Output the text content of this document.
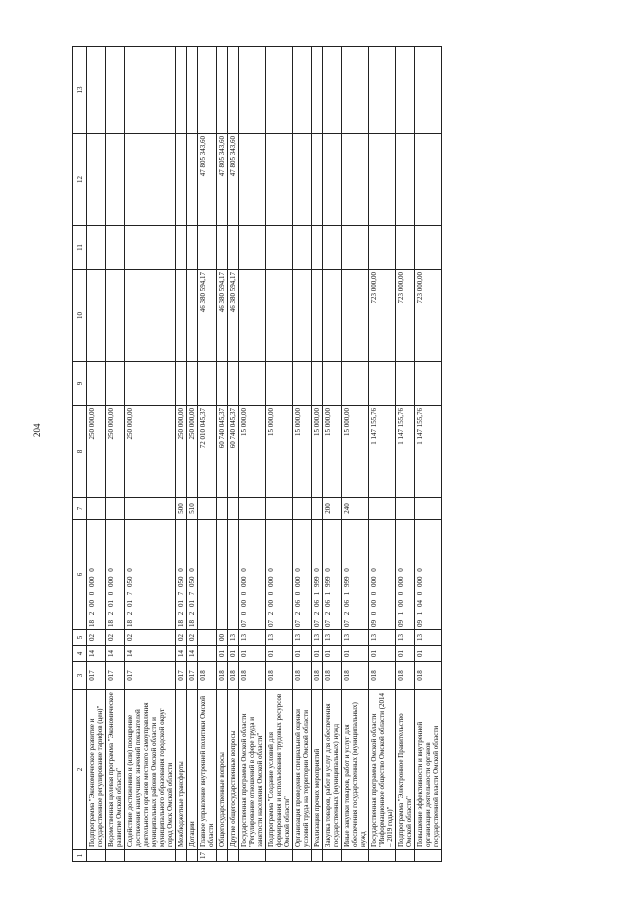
204
1	2	3	4	5	6	7	8	9	10	11	12	13
	Подпрограмма "Экономическое развитие и государственное регулирование тарифов (цен)"	017	14	02	18 2 00 0 000 0		250 000,00					
	Ведомственная целевая программа "Экономическое развитие Омской области"	017	14	02	18 2 01 0 000 0		250 000,00					
	Содействие достижению и (или) поощрение достижения наилучших значений показателей деятельности органов местного самоуправления муниципальных районов Омской области и муниципального образования городской округ город Омск Омской области	017	14	02	18 2 01 7 050 0		250 000,00					
	Межбюджетные трансферты	017	14	02	18 2 01 7 050 0	500	250 000,00					
	Дотации	017	14	02	18 2 01 7 050 0	510	250 000,00					
17	Главное управление внутренней политики Омской области	018					72 010 045,37		46 380 594,17		47 805 343,60	
	Общегосударственные вопросы	018	01	00			60 740 045,37		46 380 594,17		47 805 343,60	
	Другие общегосударственные вопросы	018	01	13			60 740 045,37		46 380 594,17		47 805 343,60	
	Государственная программа Омской области "Регулирование отношений в сфере труда и занятости населения Омской области"	018	01	13	07 0 00 0 000 0		15 000,00					
	Подпрограмма "Создание условий для формирования и использования трудовых ресурсов Омской области"	018	01	13	07 2 00 0 000 0		15 000,00					
	Организация проведения специальной оценки условий труда на территории Омской области	018	01	13	07 2 06 0 000 0		15 000,00					
	Реализация прочих мероприятий	018	01	13	07 2 06 1 999 0		15 000,00					
	Закупка товаров, работ и услуг для обеспечения государственных (муниципальных) нужд	018	01	13	07 2 06 1 999 0	200	15 000,00					
	Иные закупки товаров, работ и услуг для обеспечения государственных (муниципальных) нужд	018	01	13	07 2 06 1 999 0	240	15 000,00					
	Государственная программа Омской области "Информационное общество Омской области (2014 – 2019 годы)"	018	01	13	09 0 00 0 000 0		1 147 155,76		723 000,00			
	Подпрограмма "Электронное Правительство Омской области"	018	01	13	09 1 00 0 000 0		1 147 155,76		723 000,00			
	Повышение эффективности и внутренней организации деятельности органов государственной власти Омской области	018	01	13	09 1 04 0 000 0		1 147 155,76		723 000,00			
